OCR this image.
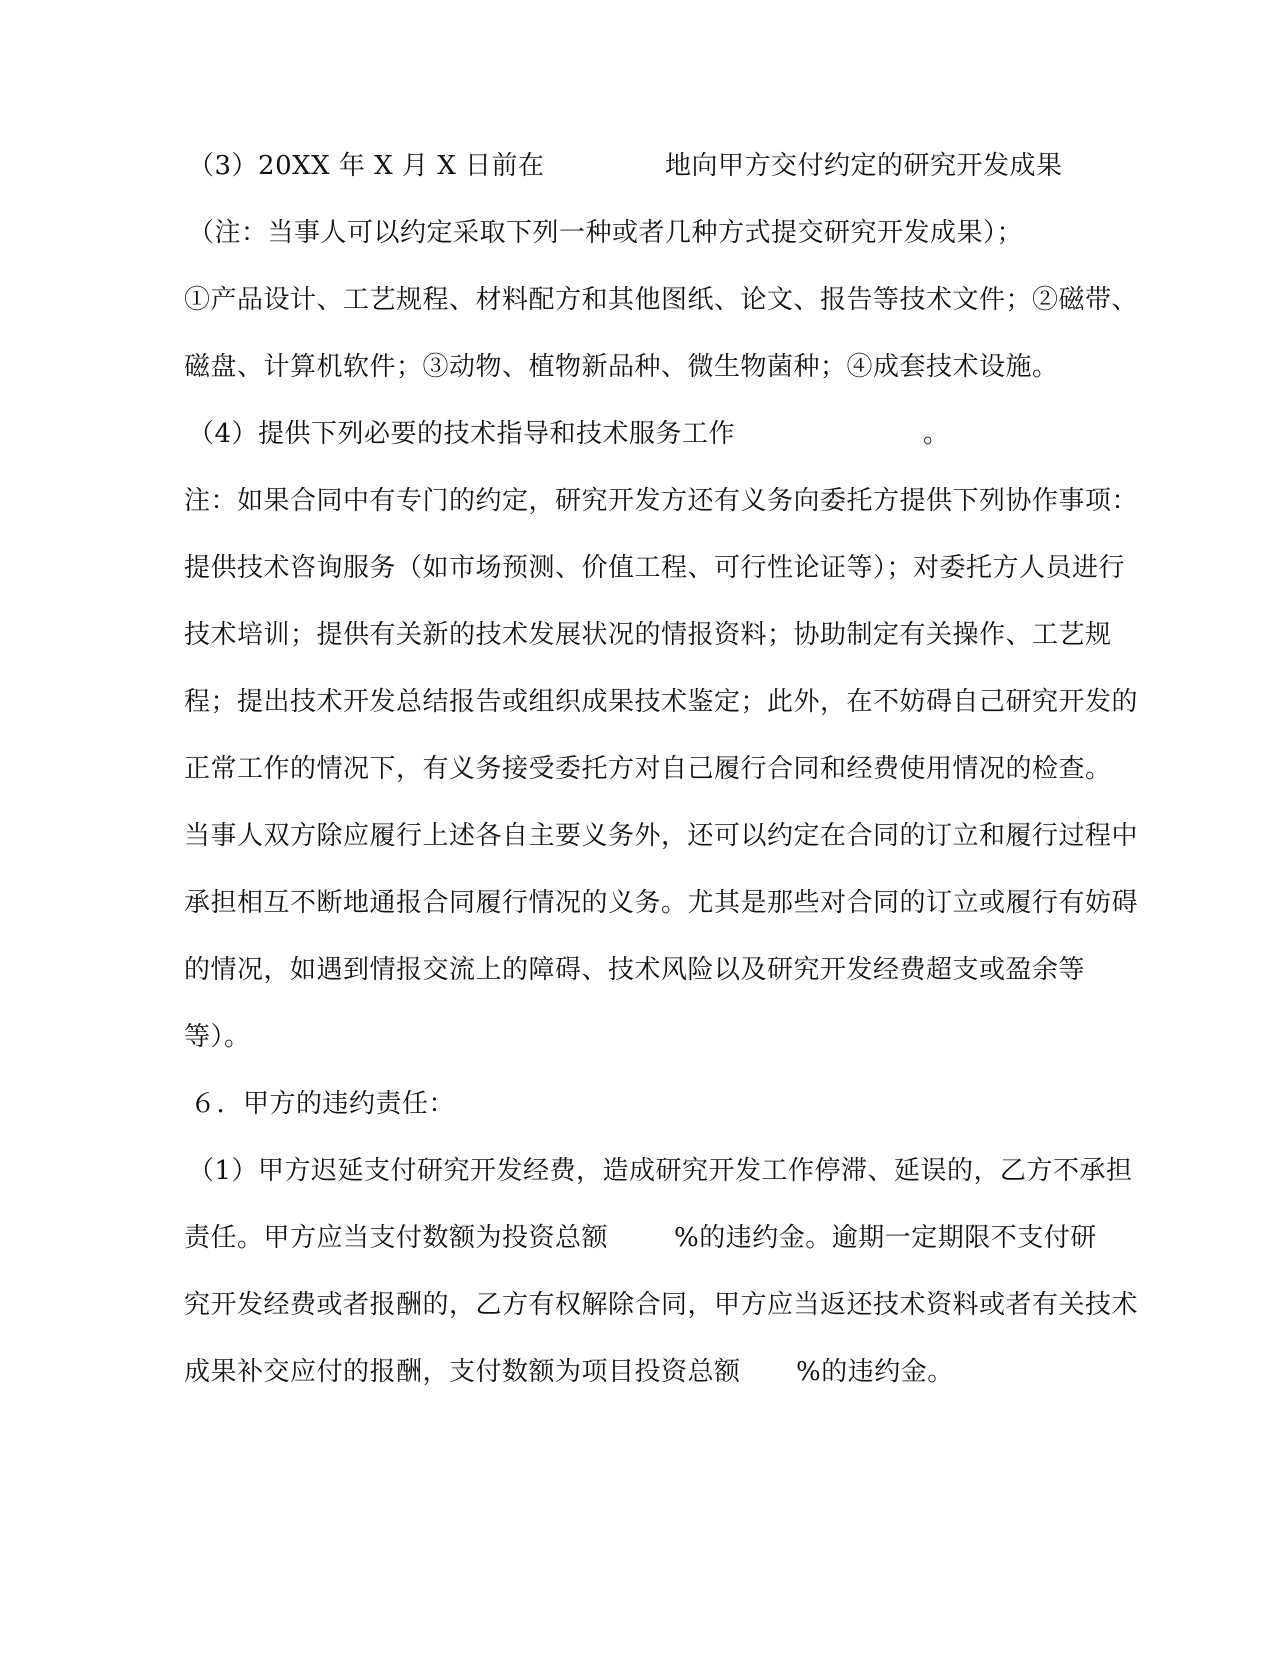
（3）20XX 年 X 月 X 日前在	地向甲方交付约定的研究开发成果
（注：当事人可以约定采取下列一种或者几种方式提交研究开发成果）；
①产品设计、工艺规程、材料配方和其他图纸、论文、报告等技术文件；②磁带、
磁盘、计算机软件；③动物、植物新品种、微生物菌种；④成套技术设施。
（4）提供下列必要的技术指导和技术服务工作	。
注：如果合同中有专门的约定，研究开发方还有义务向委托方提供下列协作事项：
提供技术咨询服务（如市场预测、价值工程、可行性论证等）；对委托方人员进行
技术培训；提供有关新的技术发展状况的情报资料；协助制定有关操作、工艺规
程；提出技术开发总结报告或组织成果技术鉴定；此外，在不妨碍自己研究开发的
正常工作的情况下，有义务接受委托方对自己履行合同和经费使用情况的检查。
当事人双方除应履行上述各自主要义务外，还可以约定在合同的订立和履行过程中
承担相互不断地通报合同履行情况的义务。尤其是那些对合同的订立或履行有妨碍
的情况，如遇到情报交流上的障碍、技术风险以及研究开发经费超支或盈余等
等）。
６．甲方的违约责任：
（1）甲方迟延支付研究开发经费，造成研究开发工作停滞、延误的，乙方不承担
责任。甲方应当支付数额为投资总额	%的违约金。逾期一定期限不支付研
究开发经费或者报酬的，乙方有权解除合同，甲方应当返还技术资料或者有关技术
成果补交应付的报酬，支付数额为项目投资总额 %的违约金。
